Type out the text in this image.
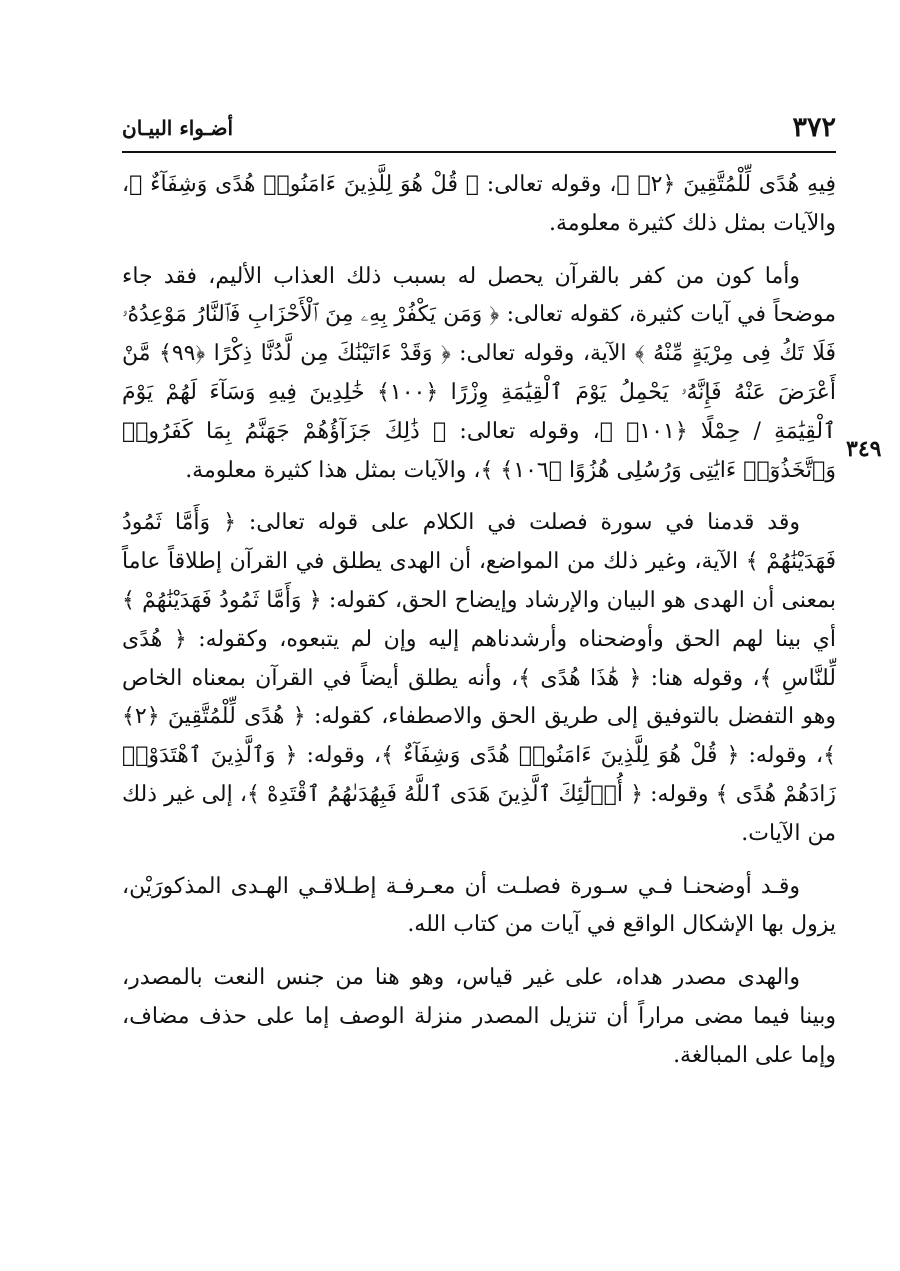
٣٧٢
أضـواء البيـان
٣٤٩

فِيهِ هُدًى لِّلْمُتَّقِينَ ﴿٢﴾ ﴾، وقوله تعالى: ﴿ قُلْ هُوَ لِلَّذِينَ ءَامَنُوا۟ هُدًى وَشِفَآءٌ ﴾، والآيات بمثل ذلك كثيرة معلومة.

وأما كون من كفر بالقرآن يحصل له بسبب ذلك العذاب الأليم، فقد جاء موضحاً في آيات كثيرة، كقوله تعالى: ﴿ وَمَن يَكْفُرْ بِهِۦ مِنَ ٱلْأَحْزَابِ فَٱلنَّارُ مَوْعِدُهُۥ فَلَا تَكُ فِى مِرْيَةٍ مِّنْهُ ﴾ الآية، وقوله تعالى: ﴿ وَقَدْ ءَاتَيْنَٰكَ مِن لَّدُنَّا ذِكْرًا ﴿٩٩﴾ مَّنْ أَعْرَضَ عَنْهُ فَإِنَّهُۥ يَحْمِلُ يَوْمَ ٱلْقِيَٰمَةِ وِزْرًا ﴿١٠٠﴾ خَٰلِدِينَ فِيهِ وَسَآءَ لَهُمْ يَوْمَ ٱلْقِيَٰمَةِ / حِمْلًا ﴿١٠١﴾ ﴾، وقوله تعالى: ﴿ ذَٰلِكَ جَزَآؤُهُمْ جَهَنَّمُ بِمَا كَفَرُوا۟ وَٱتَّخَذُوٓا۟ ءَايَٰتِى وَرُسُلِى هُزُوًا ﴿١٠٦﴾ ﴾، والآيات بمثل هذا كثيرة معلومة.

وقد قدمنا في سورة فصلت في الكلام على قوله تعالى: ﴿ وَأَمَّا ثَمُودُ فَهَدَيْنَٰهُمْ ﴾ الآية، وغير ذلك من المواضع، أن الهدى يطلق في القرآن إطلاقاً عاماً بمعنى أن الهدى هو البيان والإرشاد وإيضاح الحق، كقوله: ﴿ وَأَمَّا ثَمُودُ فَهَدَيْنَٰهُمْ ﴾ أي بينا لهم الحق وأوضحناه وأرشدناهم إليه وإن لم يتبعوه، وكقوله: ﴿ هُدًى لِّلنَّاسِ ﴾، وقوله هنا: ﴿ هَٰذَا هُدًى ﴾، وأنه يطلق أيضاً في القرآن بمعناه الخاص وهو التفضل بالتوفيق إلى طريق الحق والاصطفاء، كقوله: ﴿ هُدًى لِّلْمُتَّقِينَ ﴿٢﴾ ﴾، وقوله: ﴿ قُلْ هُوَ لِلَّذِينَ ءَامَنُوا۟ هُدًى وَشِفَآءٌ ﴾، وقوله: ﴿ وَٱلَّذِينَ ٱهْتَدَوْا۟ زَادَهُمْ هُدًى ﴾ وقوله: ﴿ أُو۟لَٰٓئِكَ ٱلَّذِينَ هَدَى ٱللَّهُ فَبِهُدَىٰهُمُ ٱقْتَدِهْ ﴾، إلى غير ذلك من الآيات.

وقـد أوضحنـا فـي سـورة فصلـت أن معـرفـة إطـلاقـي الهـدى المذكورَيْن، يزول بها الإشكال الواقع في آيات من كتاب الله.

والهدى مصدر هداه، على غير قياس، وهو هنا من جنس النعت بالمصدر، وبينا فيما مضى مراراً أن تنزيل المصدر منزلة الوصف إما على حذف مضاف، وإما على المبالغة.
